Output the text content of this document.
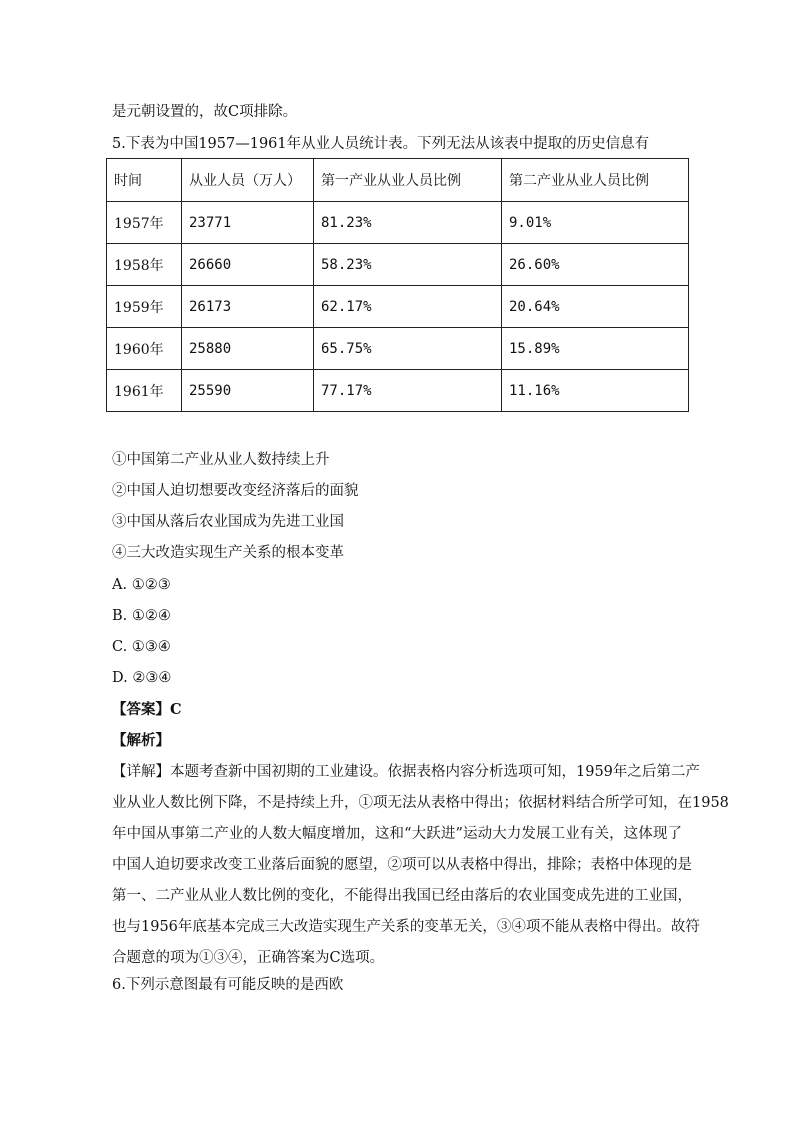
是元朝设置的，故C项排除。
5.下表为中国1957—1961年从业人员统计表。下列无法从该表中提取的历史信息有
时间	从业人员（万人）	第一产业从业人员比例	第二产业从业人员比例
1957年	23771	81.23%	9.01%
1958年	26660	58.23%	26.60%
1959年	26173	62.17%	20.64%
1960年	25880	65.75%	15.89%
1961年	25590	77.17%	11.16%
①中国第二产业从业人数持续上升
②中国人迫切想要改变经济落后的面貌
③中国从落后农业国成为先进工业国
④三大改造实现生产关系的根本变革
A. ①②③
B. ①②④
C. ①③④
D. ②③④
【答案】C
【解析】
【详解】本题考查新中国初期的工业建设。依据表格内容分析选项可知，1959年之后第二产
业从业人数比例下降，不是持续上升，①项无法从表格中得出；依据材料结合所学可知，在1958
年中国从事第二产业的人数大幅度增加，这和“大跃进”运动大力发展工业有关，这体现了
中国人迫切要求改变工业落后面貌的愿望，②项可以从表格中得出，排除；表格中体现的是
第一、二产业从业人数比例的变化，不能得出我国已经由落后的农业国变成先进的工业国，
也与1956年底基本完成三大改造实现生产关系的变革无关，③④项不能从表格中得出。故符
合题意的项为①③④，正确答案为C选项。
6.下列示意图最有可能反映的是西欧
